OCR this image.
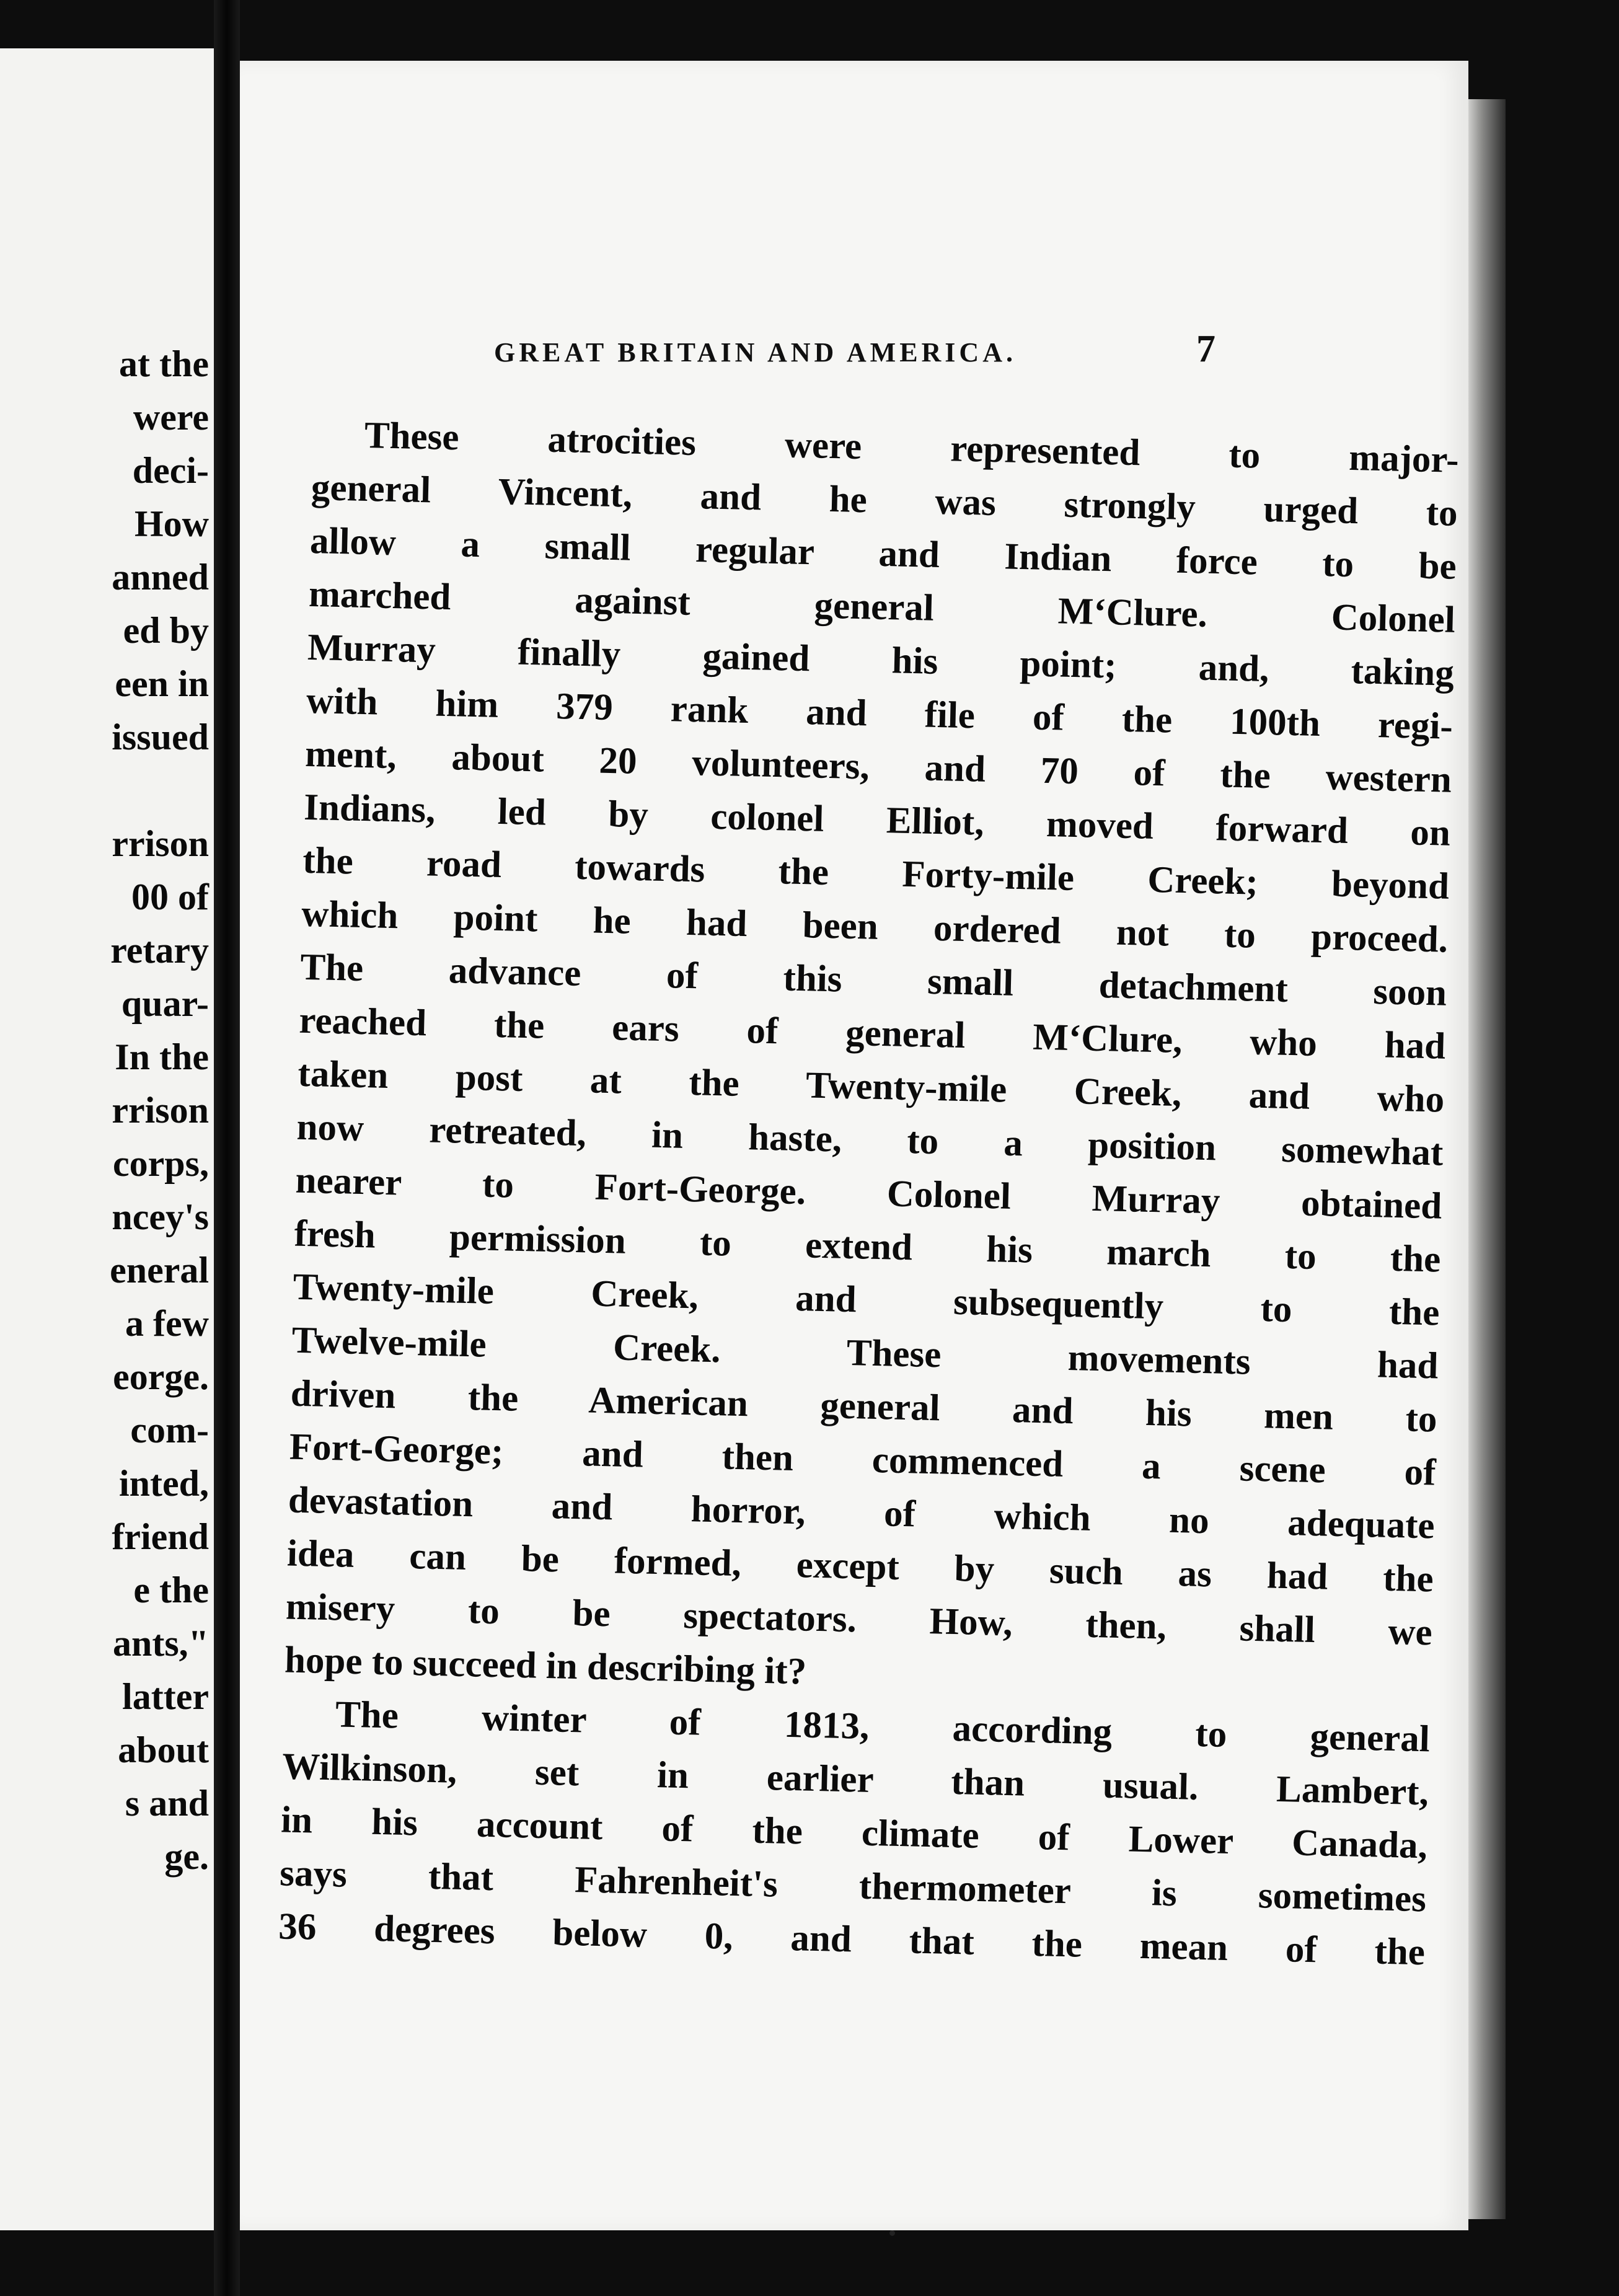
at the
were
deci-
How
anned
ed by
een in
issued
rrison
00 of
retary
quar-
In the
rrison
corps,
ncey's
eneral
a few
eorge.
com-
inted,
friend
e the
ants,"
latter
about
s and
ge.
GREAT BRITAIN AND AMERICA.	7
These atrocities were represented to major-
general Vincent, and he was strongly urged to
allow a small regular and Indian force to be
marched against general M‘Clure. Colonel
Murray finally gained his point; and, taking
with him 379 rank and file of the 100th regi-
ment, about 20 volunteers, and 70 of the western
Indians, led by colonel Elliot, moved forward on
the road towards the Forty-mile Creek; beyond
which point he had been ordered not to proceed.
The advance of this small detachment soon
reached the ears of general M‘Clure, who had
taken post at the Twenty-mile Creek, and who
now retreated, in haste, to a position somewhat
nearer to Fort-George. Colonel Murray obtained
fresh permission to extend his march to the
Twenty-mile Creek, and subsequently to the
Twelve-mile Creek. These movements had
driven the American general and his men to
Fort-George; and then commenced a scene of
devastation and horror, of which no adequate
idea can be formed, except by such as had the
misery to be spectators. How, then, shall we
hope to succeed in describing it?
The winter of 1813, according to general
Wilkinson, set in earlier than usual. Lambert,
in his account of the climate of Lower Canada,
says that Fahrenheit's thermometer is sometimes
36 degrees below 0, and that the mean of the
